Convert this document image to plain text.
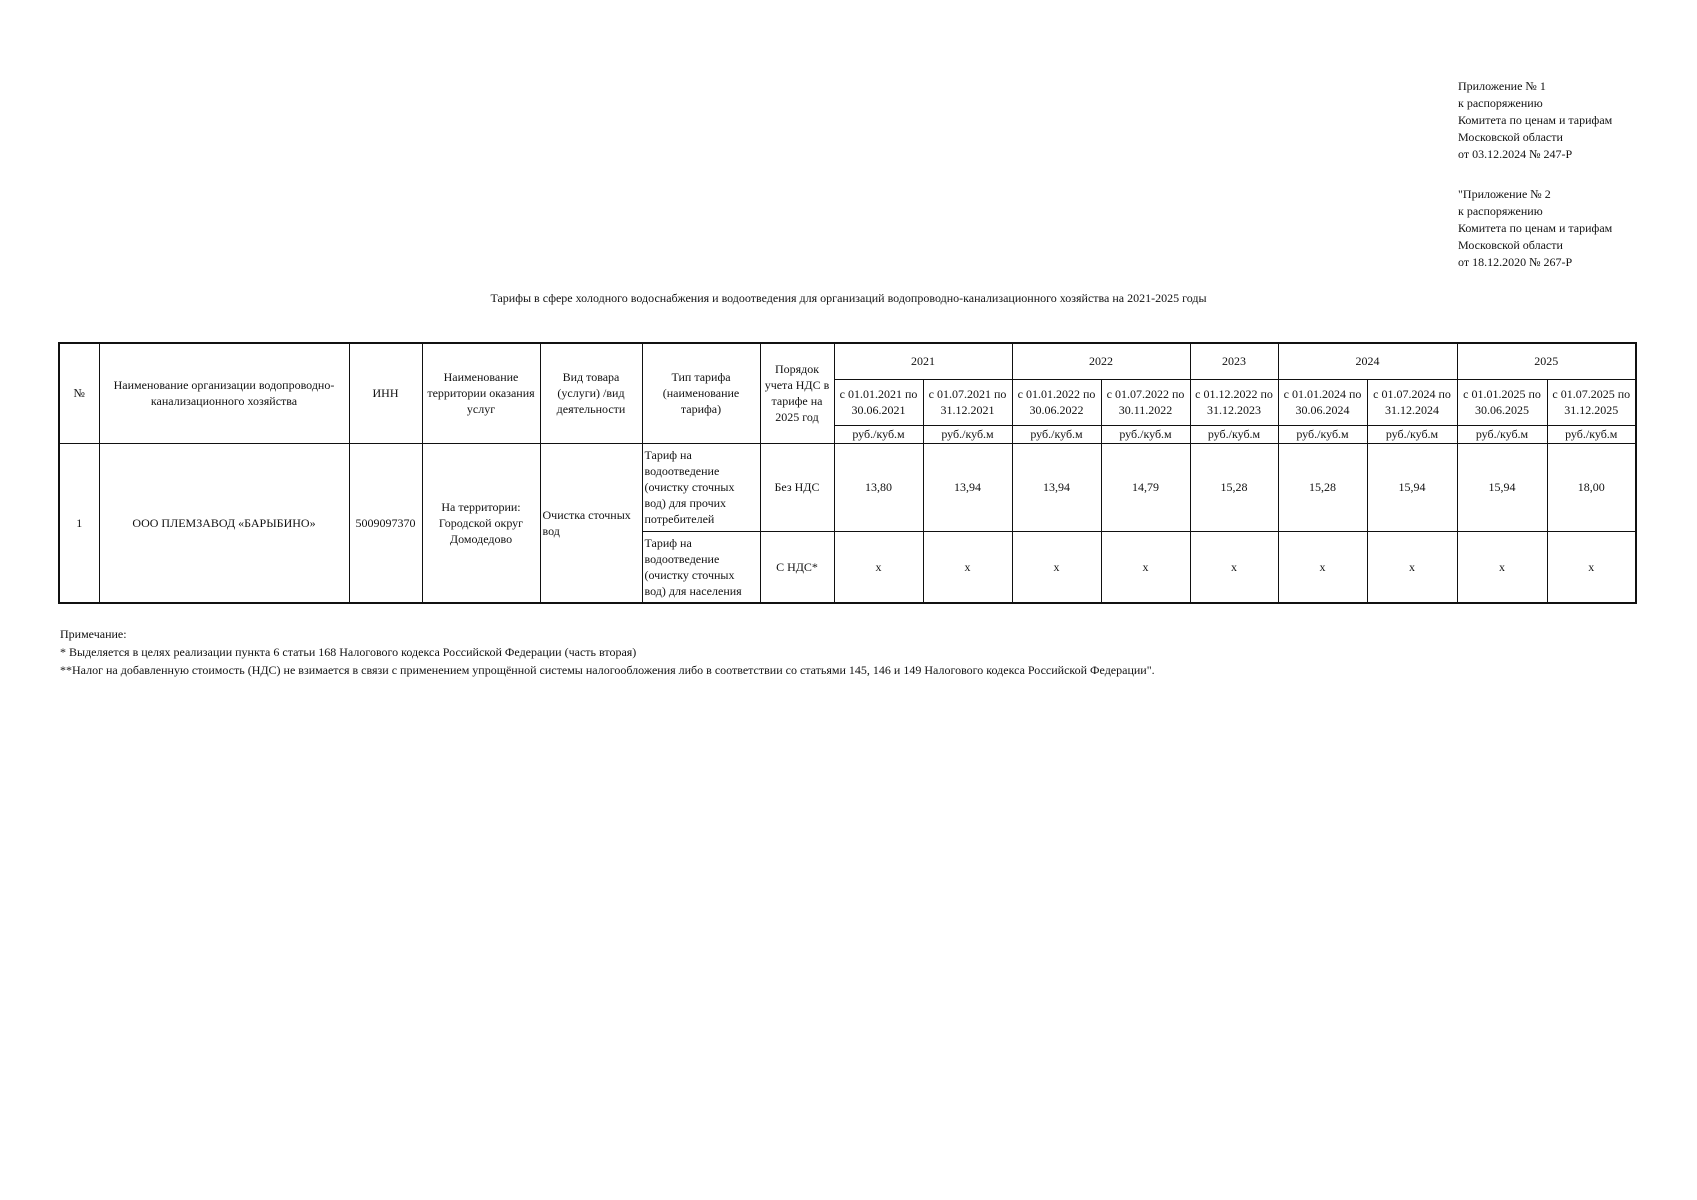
Приложение № 1
к распоряжению
Комитета по ценам и тарифам
Московской области
от 03.12.2024 № 247-Р
"Приложение № 2
к распоряжению
Комитета по ценам и тарифам
Московской области
от 18.12.2020 № 267-Р
Тарифы в сфере холодного водоснабжения и водоотведения для организаций водопроводно-канализационного хозяйства на 2021-2025 годы
№	Наименование организации водопроводно-канализационного хозяйства	ИНН	Наименование территории оказания услуг	Вид товара (услуги) /вид деятельности	Тип тарифа (наименование тарифа)	Порядок учета НДС в тарифе на 2025 год	2021		2022		2023	2024		2025	
							с 01.01.2021 по 30.06.2021	с 01.07.2021 по 31.12.2021	с 01.01.2022 по 30.06.2022	с 01.07.2022 по 30.11.2022	с 01.12.2022 по 31.12.2023	с 01.01.2024 по 30.06.2024	с 01.07.2024 по 31.12.2024	с 01.01.2025 по 30.06.2025	с 01.07.2025 по 31.12.2025
							руб./куб.м	руб./куб.м	руб./куб.м	руб./куб.м	руб./куб.м	руб./куб.м	руб./куб.м	руб./куб.м	руб./куб.м
1	ООО ПЛЕМЗАВОД «БАРЫБИНО»	5009097370	На территории: Городской округ Домодедово	Очистка сточных вод	Тариф на водоотведение (очистку сточных вод) для прочих потребителей	Без НДС	13,80	13,94	13,94	14,79	15,28	15,28	15,94	15,94	18,00
					Тариф на водоотведение (очистку сточных вод) для населения	С НДС*	х	х	х	х	х	х	х	х	х
Примечание:
* Выделяется в целях реализации пункта 6 статьи 168 Налогового кодекса Российской Федерации (часть вторая)
**Налог на добавленную стоимость (НДС) не взимается в связи с применением упрощённой системы налогообложения либо в соответствии со статьями 145, 146 и 149 Налогового кодекса Российской Федерации".
